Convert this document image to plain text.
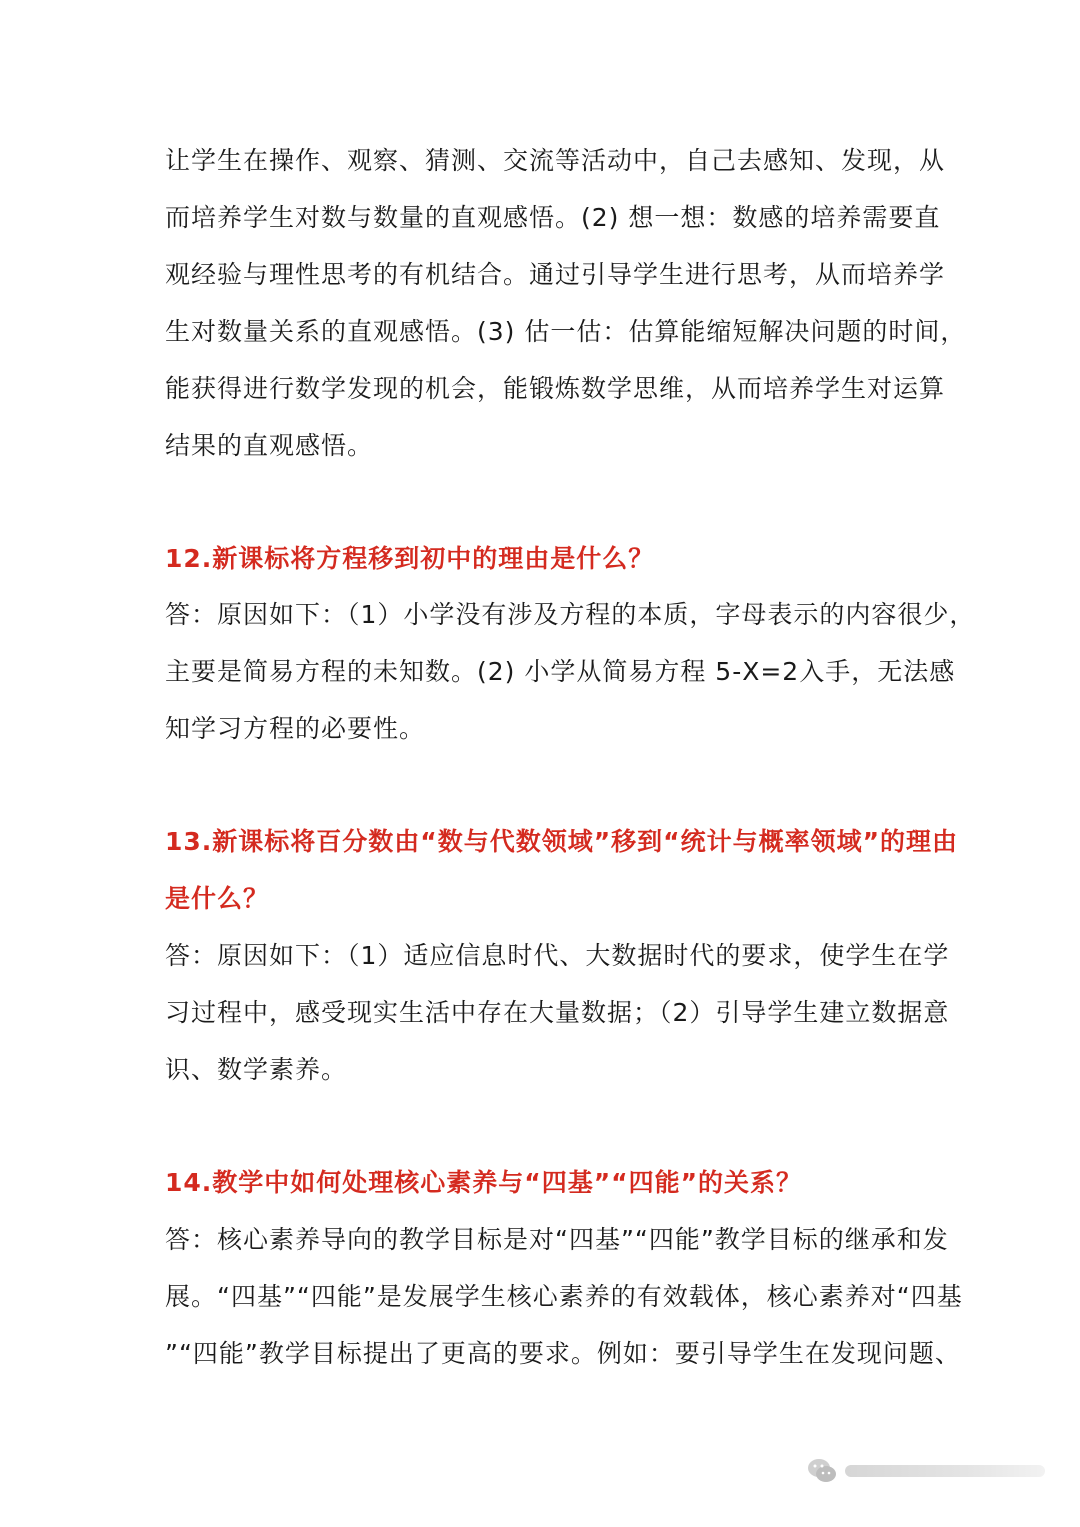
让学生在操作、观察、猜测、交流等活动中，自己去感知、发现，从
而培养学生对数与数量的直观感悟。(2) 想一想：数感的培养需要直
观经验与理性思考的有机结合。通过引导学生进行思考，从而培养学
生对数量关系的直观感悟。(3) 估一估：估算能缩短解决问题的时间，
能获得进行数学发现的机会，能锻炼数学思维，从而培养学生对运算
结果的直观感悟。
12.新课标将方程移到初中的理由是什么？
答：原因如下：（1）小学没有涉及方程的本质，字母表示的内容很少，
主要是简易方程的未知数。(2) 小学从简易方程 5-X=2入手，无法感
知学习方程的必要性。
13.新课标将百分数由“数与代数领域”移到“统计与概率领域”的理由
是什么？
答：原因如下：（1）适应信息时代、大数据时代的要求，使学生在学
习过程中，感受现实生活中存在大量数据；（2）引导学生建立数据意
识、数学素养。
14.教学中如何处理核心素养与“四基”“四能”的关系？
答：核心素养导向的教学目标是对“四基”“四能”教学目标的继承和发
展。“四基”“四能”是发展学生核心素养的有效载体，核心素养对“四基
”“四能”教学目标提出了更高的要求。例如：要引导学生在发现问题、
